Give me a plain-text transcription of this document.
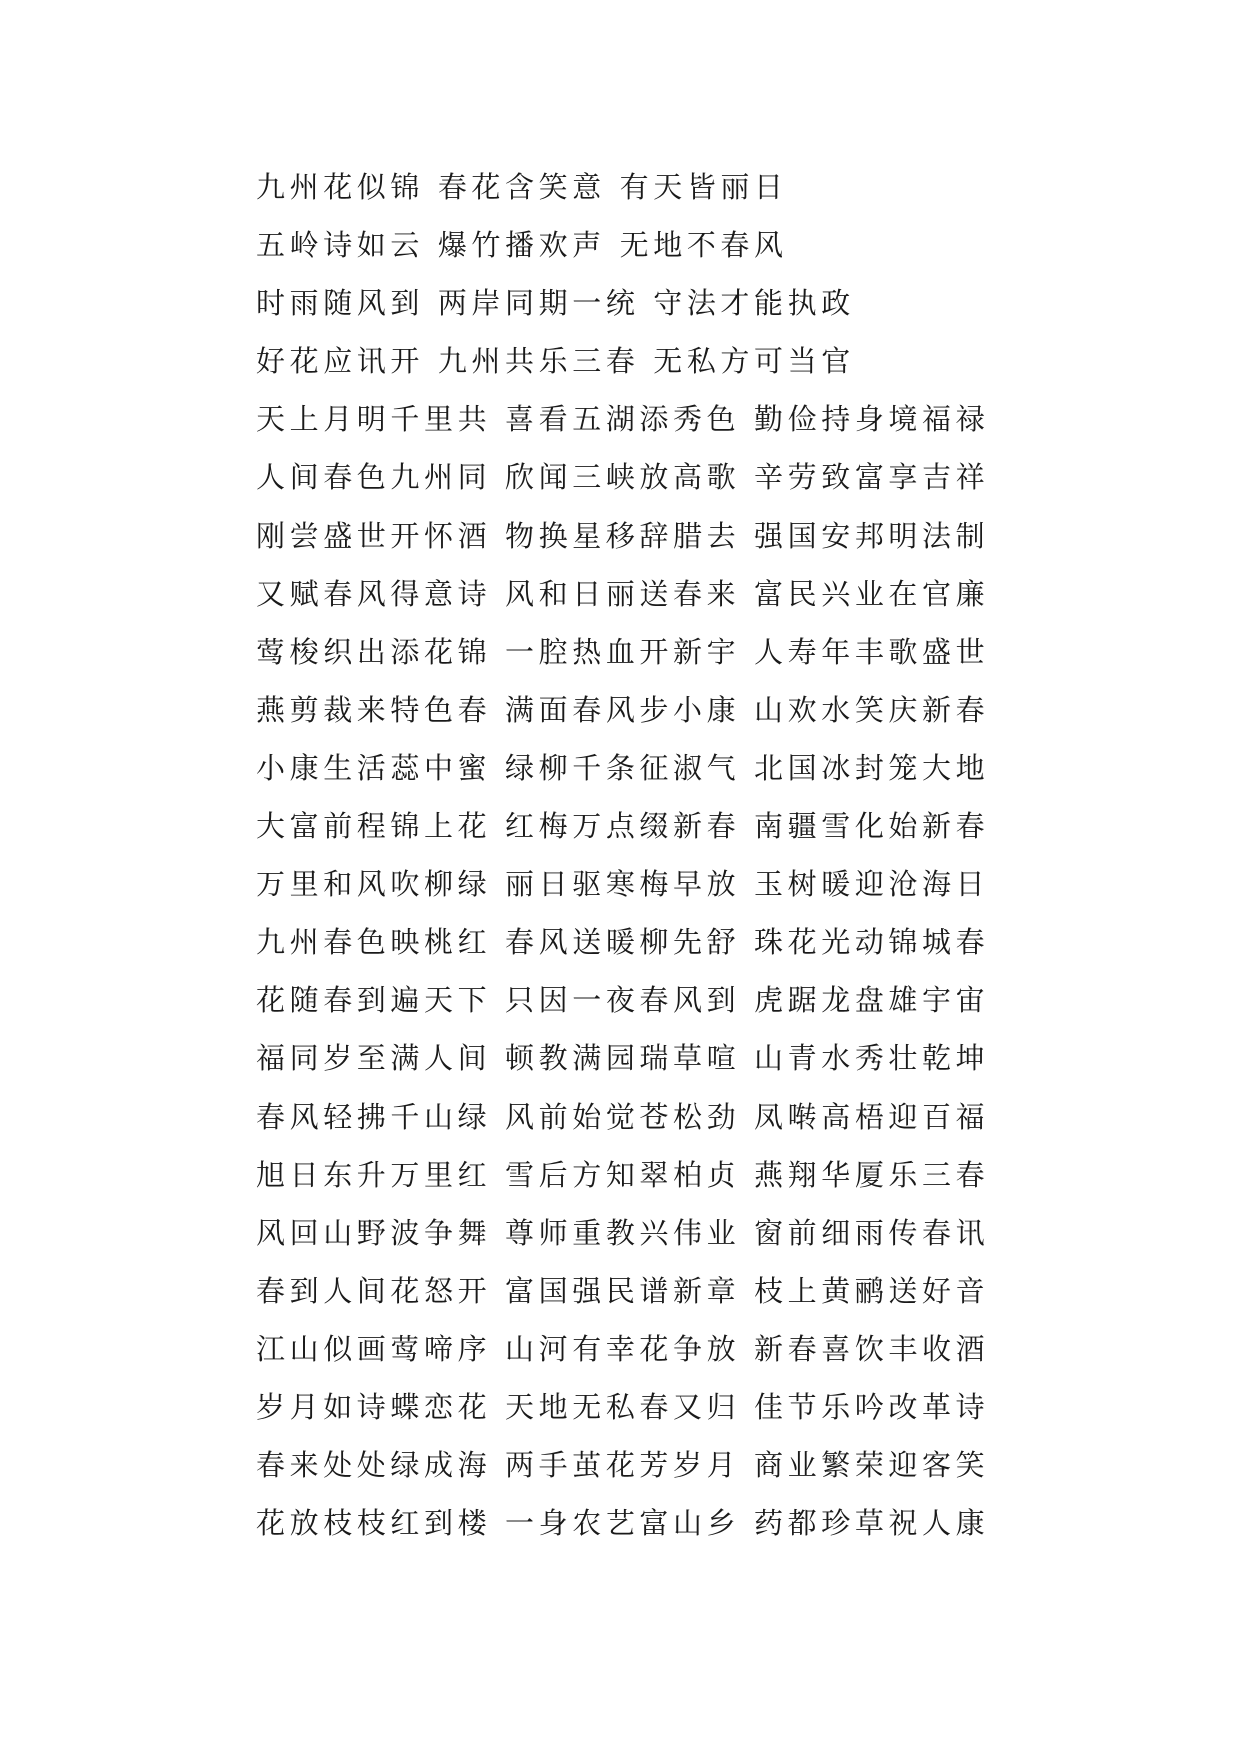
九州花似锦 春花含笑意 有天皆丽日
五岭诗如云 爆竹播欢声 无地不春风
时雨随风到 两岸同期一统 守法才能执政
好花应讯开 九州共乐三春 无私方可当官
天上月明千里共 喜看五湖添秀色 勤俭持身境福禄
人间春色九州同 欣闻三峡放高歌 辛劳致富享吉祥
刚尝盛世开怀酒 物换星移辞腊去 强国安邦明法制
又赋春风得意诗 风和日丽送春来 富民兴业在官廉
莺梭织出添花锦 一腔热血开新宇 人寿年丰歌盛世
燕剪裁来特色春 满面春风步小康 山欢水笑庆新春
小康生活蕊中蜜 绿柳千条征淑气 北国冰封笼大地
大富前程锦上花 红梅万点缀新春 南疆雪化始新春
万里和风吹柳绿 丽日驱寒梅早放 玉树暖迎沧海日
九州春色映桃红 春风送暖柳先舒 珠花光动锦城春
花随春到遍天下 只因一夜春风到 虎踞龙盘雄宇宙
福同岁至满人间 顿教满园瑞草喧 山青水秀壮乾坤
春风轻拂千山绿 风前始觉苍松劲 凤啭高梧迎百福
旭日东升万里红 雪后方知翠柏贞 燕翔华厦乐三春
风回山野波争舞 尊师重教兴伟业 窗前细雨传春讯
春到人间花怒开 富国强民谱新章 枝上黄鹂送好音
江山似画莺啼序 山河有幸花争放 新春喜饮丰收酒
岁月如诗蝶恋花 天地无私春又归 佳节乐吟改革诗
春来处处绿成海 两手茧花芳岁月 商业繁荣迎客笑
花放枝枝红到楼 一身农艺富山乡 药都珍草祝人康
